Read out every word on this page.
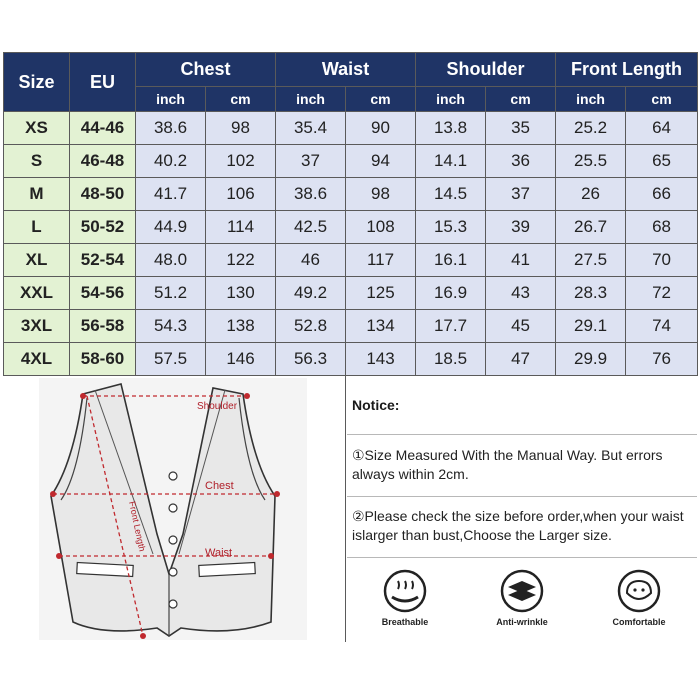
Size	EU	Chest		Waist		Shoulder		Front Length	
		inch	cm	inch	cm	inch	cm	inch	cm
XS	44-46	38.6	98	35.4	90	13.8	35	25.2	64
S	46-48	40.2	102	37	94	14.1	36	25.5	65
M	48-50	41.7	106	38.6	98	14.5	37	26	66
L	50-52	44.9	114	42.5	108	15.3	39	26.7	68
XL	52-54	48.0	122	46	117	16.1	41	27.5	70
XXL	54-56	51.2	130	49.2	125	16.9	43	28.3	72
3XL	56-58	54.3	138	52.8	134	17.7	45	29.1	74
4XL	58-60	57.5	146	56.3	143	18.5	47	29.9	76
Shoulder
Chest
Waist
Front Length
Notice:
①Size Measured With the Manual Way. But errors always within 2cm.
②Please check the size before order,when your waist islarger than bust,Choose the Larger size.
Breathable	Anti-wrinkle	Comfortable
